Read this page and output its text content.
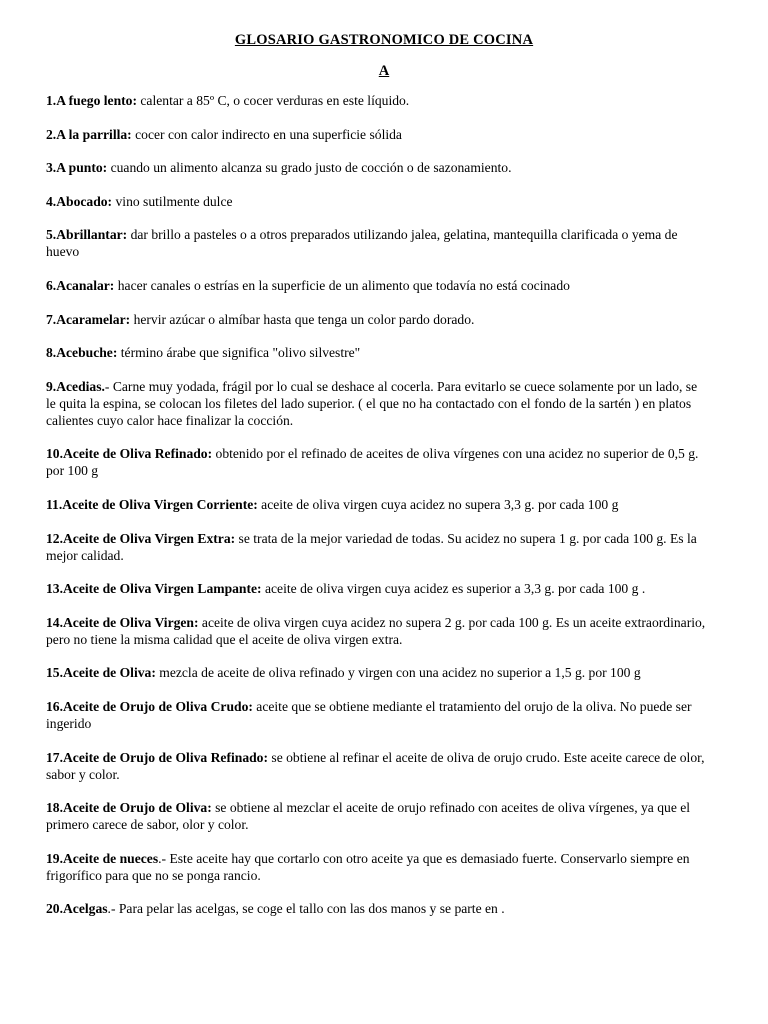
GLOSARIO GASTRONOMICO DE COCINA
A

1.A fuego lento: calentar a 85º C, o cocer verduras en este líquido.

2.A la parrilla: cocer con calor indirecto en una superficie sólida

3.A punto: cuando un alimento alcanza su grado justo de cocción o de sazonamiento.

4.Abocado: vino sutilmente dulce

5.Abrillantar: dar brillo a pasteles o a otros preparados utilizando jalea, gelatina, mantequilla clarificada o yema de huevo

6.Acanalar: hacer canales o estrías en la superficie de un alimento que todavía no está cocinado

7.Acaramelar: hervir azúcar o almíbar hasta que tenga un color pardo dorado.

8.Acebuche: término árabe que significa "olivo silvestre"

9.Acedias.- Carne muy yodada, frágil por lo cual se deshace al cocerla. Para evitarlo se cuece solamente por un lado, se le quita la espina, se colocan los filetes del lado superior. ( el que no ha contactado con el fondo de la sartén ) en platos calientes cuyo calor hace finalizar la cocción.

10.Aceite de Oliva Refinado: obtenido por el refinado de aceites de oliva vírgenes con una acidez no superior de 0,5 g. por 100 g

11.Aceite de Oliva Virgen Corriente: aceite de oliva virgen cuya acidez no supera 3,3 g. por cada 100 g

12.Aceite de Oliva Virgen Extra: se trata de la mejor variedad de todas. Su acidez no supera 1 g. por cada 100 g. Es la mejor calidad.

13.Aceite de Oliva Virgen Lampante: aceite de oliva virgen cuya acidez es superior a 3,3 g. por cada 100 g .

14.Aceite de Oliva Virgen: aceite de oliva virgen cuya acidez no supera 2 g. por cada 100 g. Es un aceite extraordinario, pero no tiene la misma calidad que el aceite de oliva virgen extra.

15.Aceite de Oliva: mezcla de aceite de oliva refinado y virgen con una acidez no superior a 1,5 g. por 100 g

16.Aceite de Orujo de Oliva Crudo: aceite que se obtiene mediante el tratamiento del orujo de la oliva. No puede ser ingerido

17.Aceite de Orujo de Oliva Refinado: se obtiene al refinar el aceite de oliva de orujo crudo. Este aceite carece de olor, sabor y color.

18.Aceite de Orujo de Oliva: se obtiene al mezclar el aceite de orujo refinado con aceites de oliva vírgenes, ya que el primero carece de sabor, olor y color.

19.Aceite de nueces.- Este aceite hay que cortarlo con otro aceite ya que es demasiado fuerte. Conservarlo siempre en frigorífico para que no se ponga rancio.

20.Acelgas.- Para pelar las acelgas, se coge el tallo con las dos manos y se parte en .
